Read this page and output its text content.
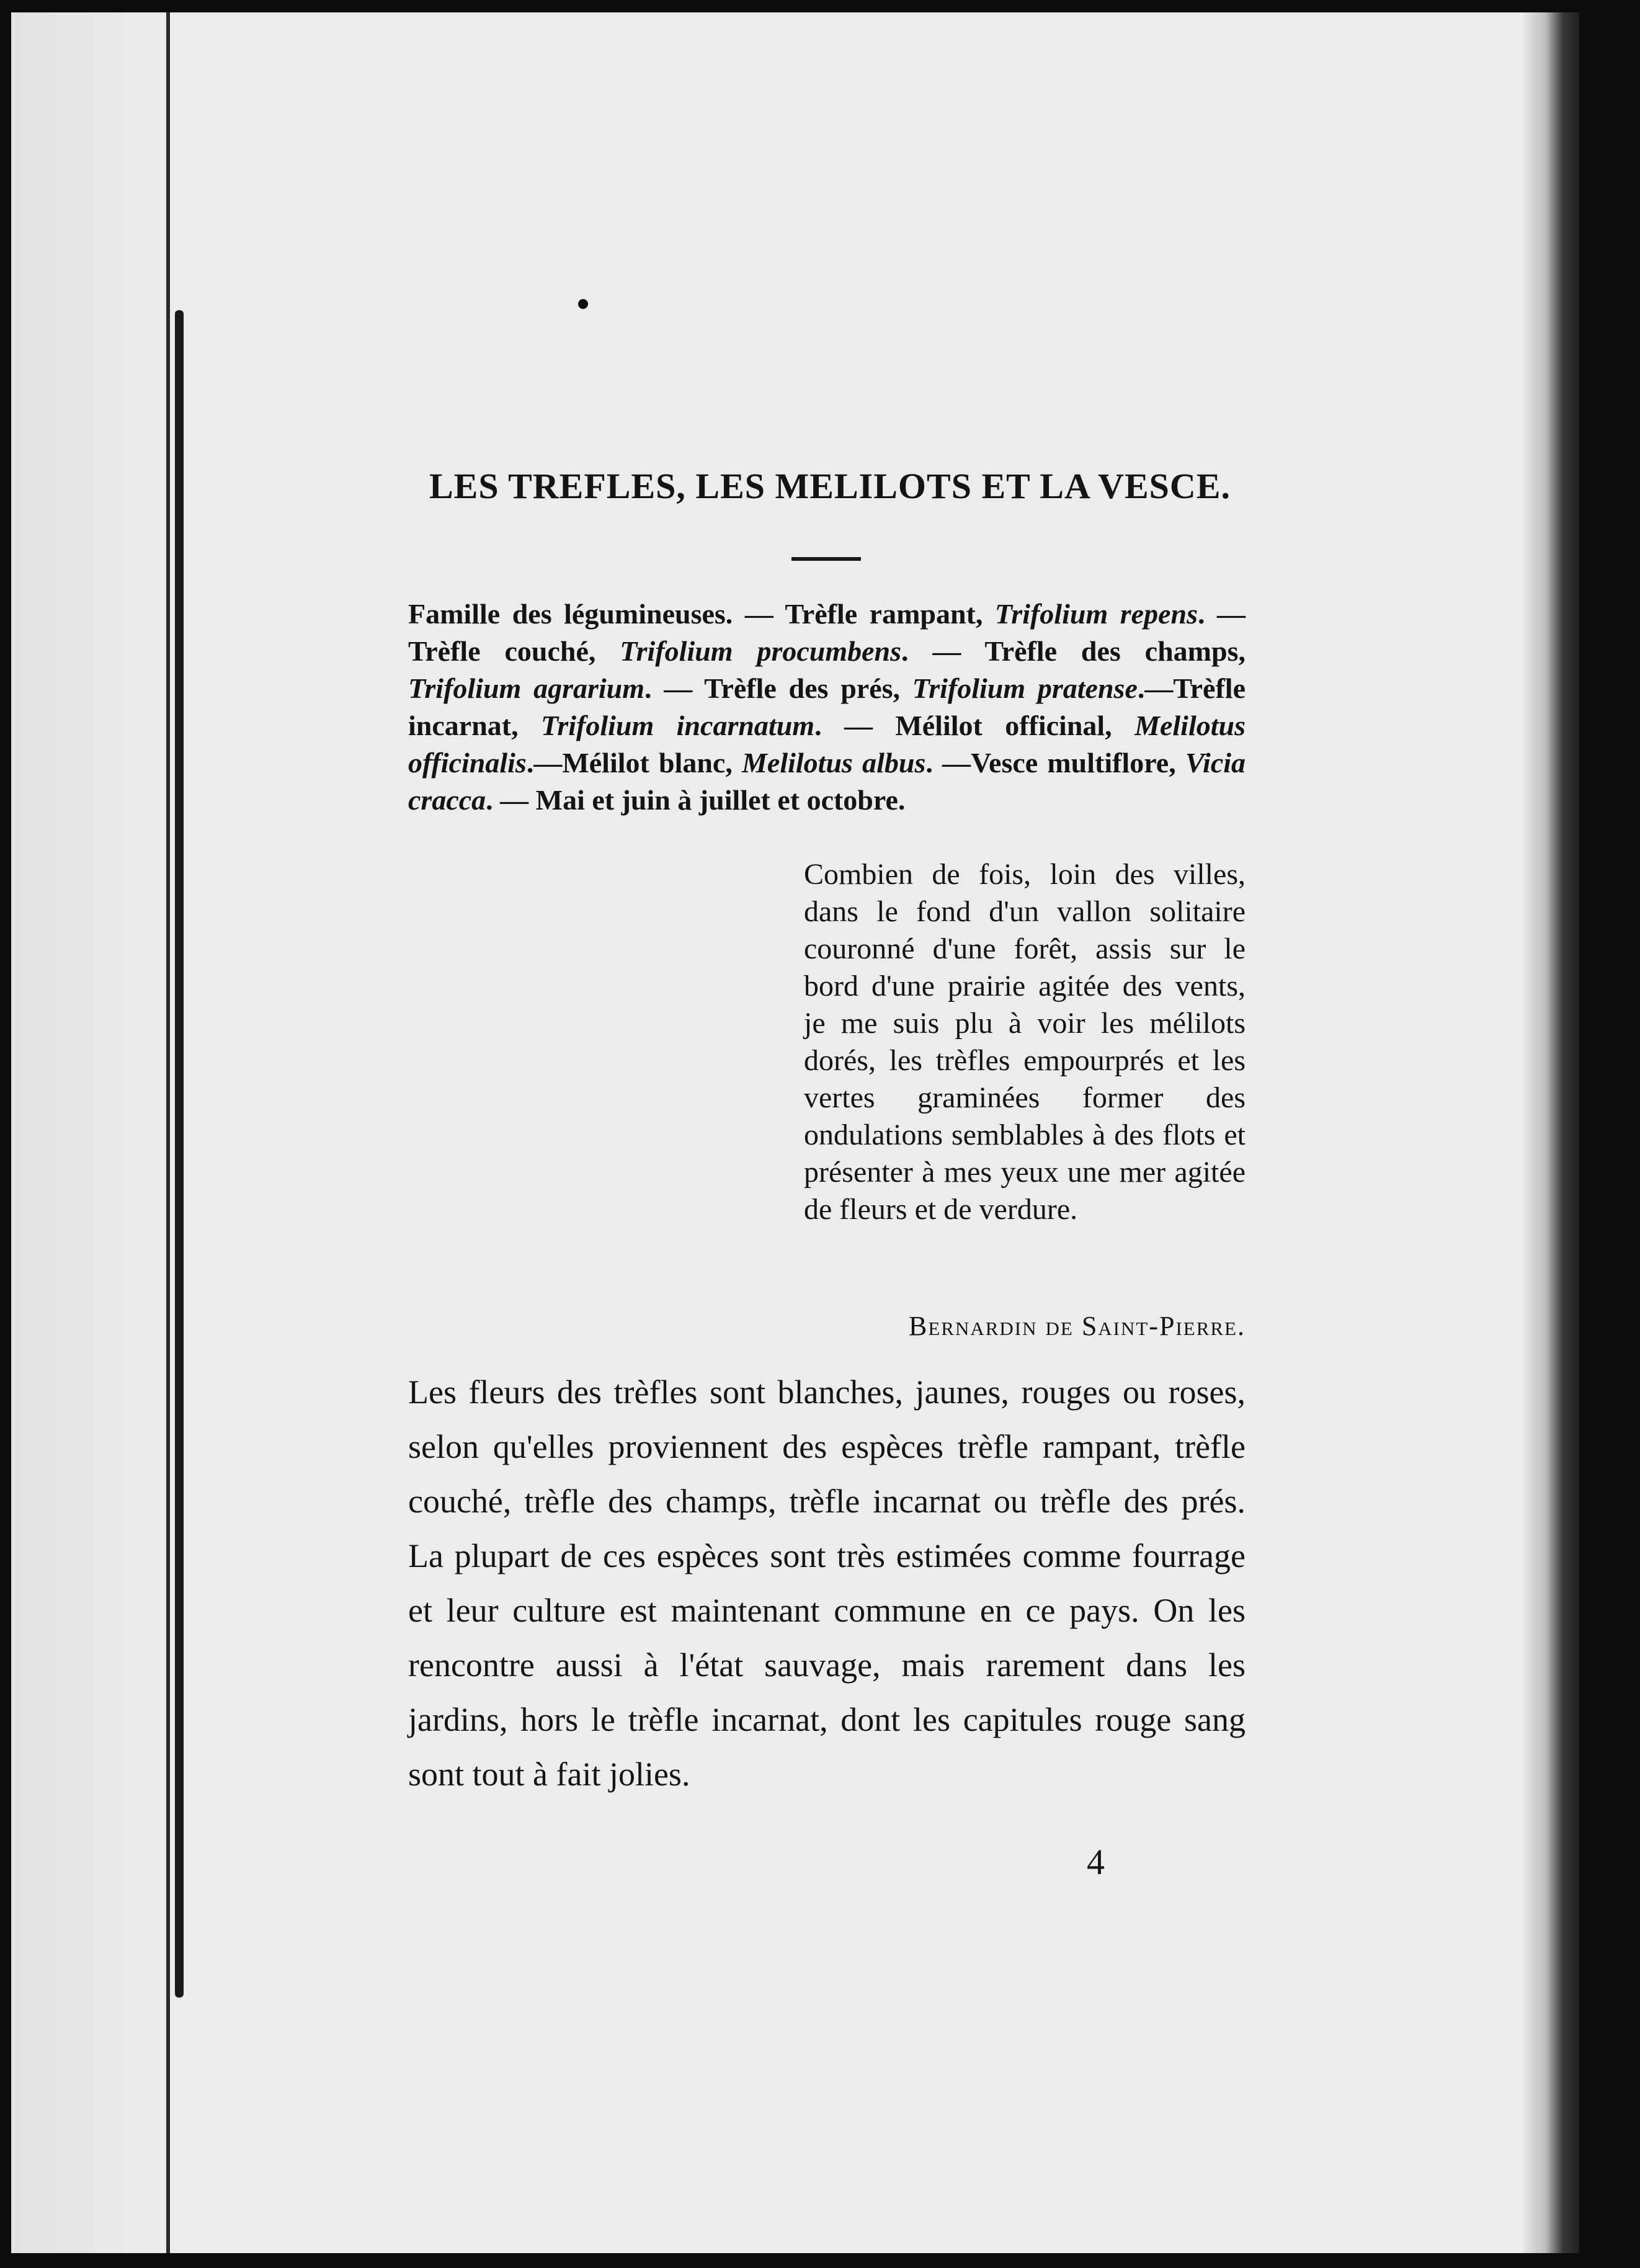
LES TREFLES, LES MELILOTS ET LA VESCE.

Famille des légumineuses. — Trèfle rampant, Trifolium repens. — Trèfle couché, Trifolium procumbens. — Trèfle des champs, Trifolium agrarium. — Trèfle des prés, Trifolium pratense.—Trèfle incarnat, Trifolium incarnatum. — Mélilot officinal, Melilotus officinalis.—Mélilot blanc, Melilotus albus. —Vesce multiflore, Vicia cracca. — Mai et juin à juillet et octobre.

Combien de fois, loin des villes, dans le fond d'un vallon solitaire couronné d'une forêt, assis sur le bord d'une prairie agitée des vents, je me suis plu à voir les mélilots dorés, les trèfles empourprés et les vertes graminées former des ondulations semblables à des flots et présenter à mes yeux une mer agitée de fleurs et de verdure.

Bernardin de Saint-Pierre.

Les fleurs des trèfles sont blanches, jaunes, rouges ou roses, selon qu'elles proviennent des espèces trèfle rampant, trèfle couché, trèfle des champs, trèfle incarnat ou trèfle des prés. La plupart de ces espèces sont très estimées comme fourrage et leur culture est maintenant commune en ce pays. On les rencontre aussi à l'état sauvage, mais rarement dans les jardins, hors le trèfle incarnat, dont les capitules rouge sang sont tout à fait jolies.

4
